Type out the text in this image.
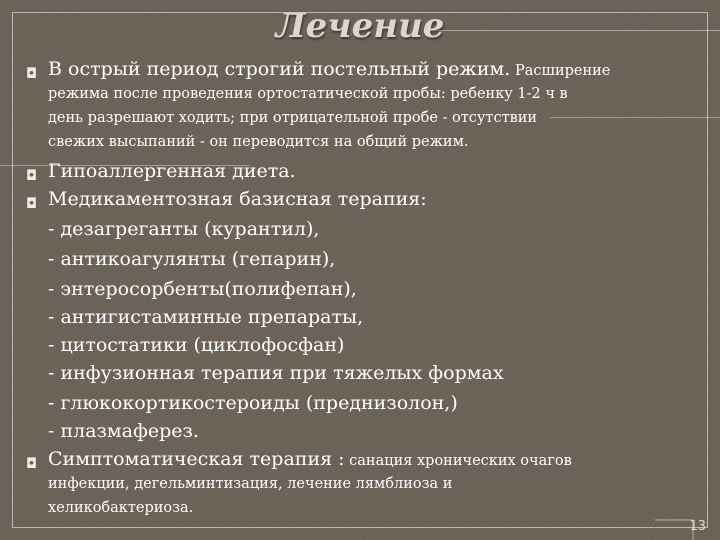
Лечение
◘ В острый период строгий постельный режим. Расширение
режима после проведения ортостатической пробы: ребенку 1-2 ч в
день разрешают ходить; при отрицательной пробе - отсутствии
свежих высыпаний - он переводится на общий режим.
◘ Гипоаллергенная диета.
◘ Медикаментозная базисная терапия:
- дезагреганты (курантил),
- антикоагулянты (гепарин),
- энтеросорбенты(полифепан),
- антигистаминные препараты,
- цитостатики (циклофосфан)
- инфузионная терапия при тяжелых формах
- глюкокортикостероиды (преднизолон,)
- плазмаферез.
◘ Симптоматическая терапия : санация хронических очагов
инфекции, дегельминтизация, лечение лямблиоза и
хеликобактериоза.
13
